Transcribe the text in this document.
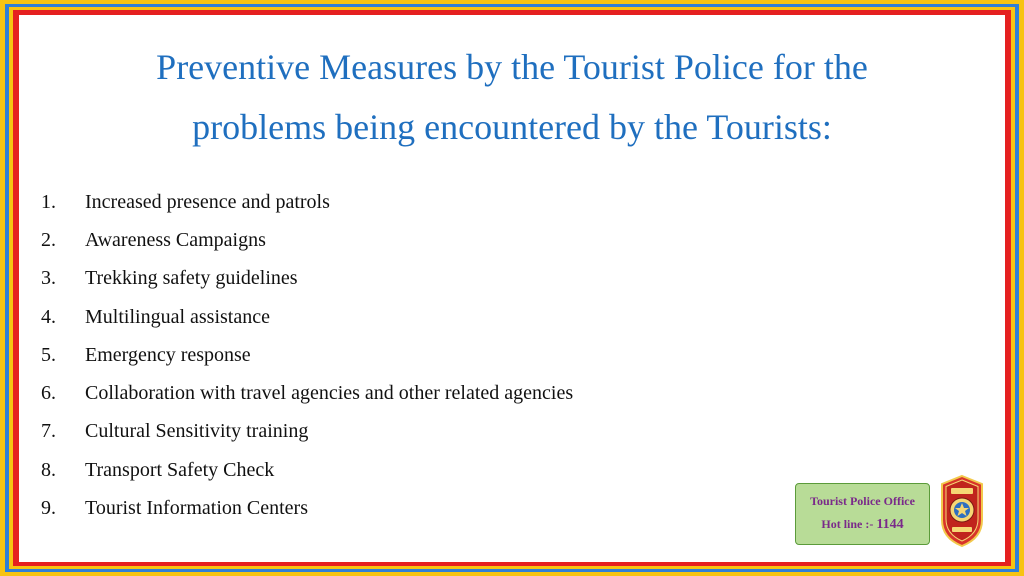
Preventive Measures by the Tourist Police for the
problems being encountered by the Tourists:
1.	Increased presence and patrols
2.	Awareness Campaigns
3.	Trekking safety guidelines
4.	Multilingual assistance
5.	Emergency response
6.	Collaboration with travel agencies and other related agencies
7.	Cultural Sensitivity training
8.	Transport Safety Check
9.	Tourist Information Centers	Tourist Police Office
Hot line :- 1144
